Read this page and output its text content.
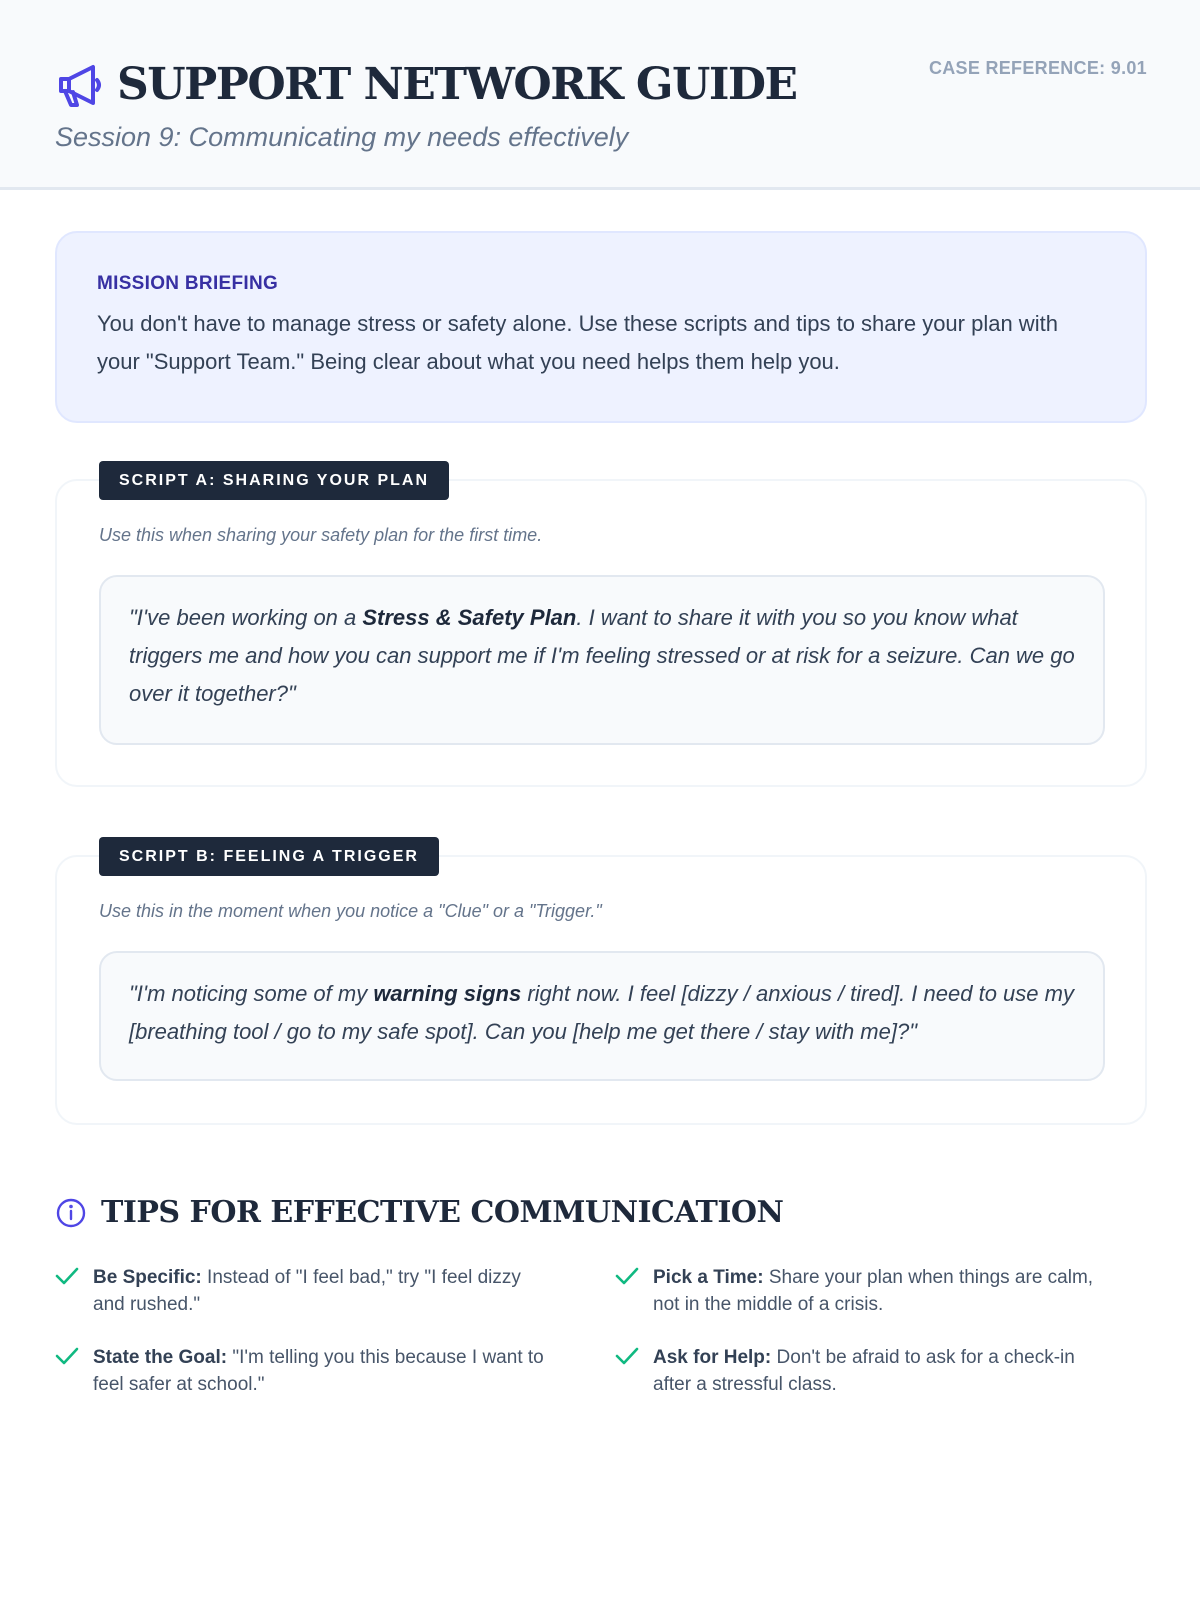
SUPPORT NETWORK GUIDE
Session 9: Communicating my needs effectively
CASE REFERENCE: 9.01
MISSION BRIEFING
You don't have to manage stress or safety alone. Use these scripts and tips to share your plan with your "Support Team." Being clear about what you need helps them help you.
SCRIPT A: SHARING YOUR PLAN
Use this when sharing your safety plan for the first time.
"I've been working on a Stress & Safety Plan. I want to share it with you so you know what triggers me and how you can support me if I'm feeling stressed or at risk for a seizure. Can we go over it together?"
SCRIPT B: FEELING A TRIGGER
Use this in the moment when you notice a "Clue" or a "Trigger."
"I'm noticing some of my warning signs right now. I feel [dizzy / anxious / tired]. I need to use my [breathing tool / go to my safe spot]. Can you [help me get there / stay with me]?"
TIPS FOR EFFECTIVE COMMUNICATION
Be Specific: Instead of "I feel bad," try "I feel dizzy and rushed."
Pick a Time: Share your plan when things are calm, not in the middle of a crisis.
State the Goal: "I'm telling you this because I want to feel safer at school."
Ask for Help: Don't be afraid to ask for a check-in after a stressful class.
